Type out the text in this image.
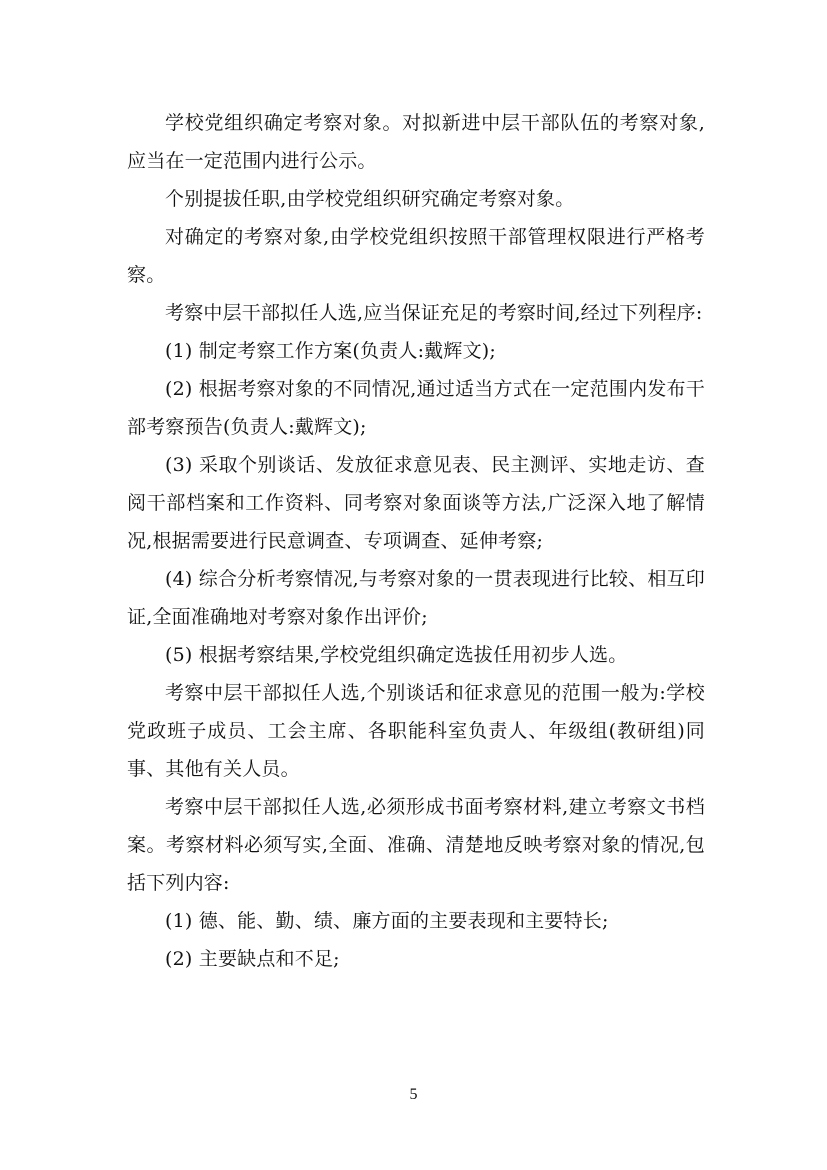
学校党组织确定考察对象。对拟新进中层干部队伍的考察对象,应当在一定范围内进行公示。

个别提拔任职,由学校党组织研究确定考察对象。

对确定的考察对象,由学校党组织按照干部管理权限进行严格考察。

考察中层干部拟任人选,应当保证充足的考察时间,经过下列程序:

(1) 制定考察工作方案(负责人:戴辉文);

(2) 根据考察对象的不同情况,通过适当方式在一定范围内发布干部考察预告(负责人:戴辉文);

(3) 采取个别谈话、发放征求意见表、民主测评、实地走访、查阅干部档案和工作资料、同考察对象面谈等方法,广泛深入地了解情况,根据需要进行民意调查、专项调查、延伸考察;

(4) 综合分析考察情况,与考察对象的一贯表现进行比较、相互印证,全面准确地对考察对象作出评价;

(5) 根据考察结果,学校党组织确定选拔任用初步人选。

考察中层干部拟任人选,个别谈话和征求意见的范围一般为:学校党政班子成员、工会主席、各职能科室负责人、年级组(教研组)同事、其他有关人员。

考察中层干部拟任人选,必须形成书面考察材料,建立考察文书档案。考察材料必须写实,全面、准确、清楚地反映考察对象的情况,包括下列内容:

(1) 德、能、勤、绩、廉方面的主要表现和主要特长;

(2) 主要缺点和不足;

5
